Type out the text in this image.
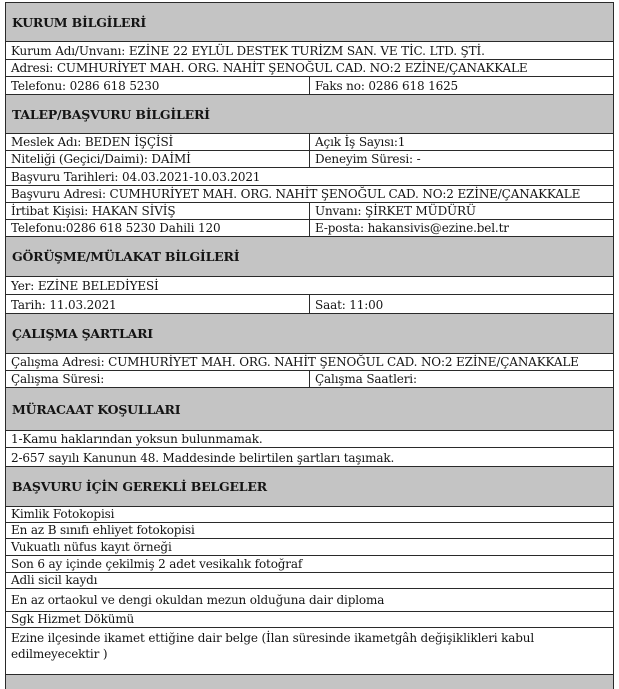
KURUM BİLGİLERİ
Kurum Adı/Unvanı: EZİNE 22 EYLÜL DESTEK TURİZM SAN. VE TİC. LTD. ŞTİ.
Adresi: CUMHURİYET MAH. ORG. NAHİT ŞENOĞUL CAD. NO:2 EZİNE/ÇANAKKALE
Telefonu: 0286 618 5230	Faks no: 0286 618 1625
TALEP/BAŞVURU BİLGİLERİ
Meslek Adı: BEDEN İŞÇİSİ	Açık İş Sayısı:1
Niteliği (Geçici/Daimi): DAİMİ	Deneyim Süresi: -
Başvuru Tarihleri: 04.03.2021-10.03.2021
Başvuru Adresi: CUMHURİYET MAH. ORG. NAHİT ŞENOĞUL CAD. NO:2 EZİNE/ÇANAKKALE
İrtibat Kişisi: HAKAN SİVİŞ	Unvanı: ŞİRKET MÜDÜRÜ
Telefonu:0286 618 5230 Dahili 120	E-posta: hakansivis@ezine.bel.tr
GÖRÜŞME/MÜLAKAT BİLGİLERİ
Yer: EZİNE BELEDİYESİ
Tarih: 11.03.2021	Saat: 11:00
ÇALIŞMA ŞARTLARI
Çalışma Adresi: CUMHURİYET MAH. ORG. NAHİT ŞENOĞUL CAD. NO:2 EZİNE/ÇANAKKALE
Çalışma Süresi:	Çalışma Saatleri:
MÜRACAAT KOŞULLARI
1-Kamu haklarından yoksun bulunmamak.
2-657 sayılı Kanunun 48. Maddesinde belirtilen şartları taşımak.
BAŞVURU İÇİN GEREKLİ BELGELER
Kimlik Fotokopisi
En az B sınıfı ehliyet fotokopisi
Vukuatlı nüfus kayıt örneği
Son 6 ay içinde çekilmiş 2 adet vesikalık fotoğraf
Adli sicil kaydı
En az ortaokul ve dengi okuldan mezun olduğuna dair diploma
Sgk Hizmet Dökümü
Ezine ilçesinde ikamet ettiğine dair belge (İlan süresinde ikametgâh değişiklikleri kabul edilmeyecektir )
